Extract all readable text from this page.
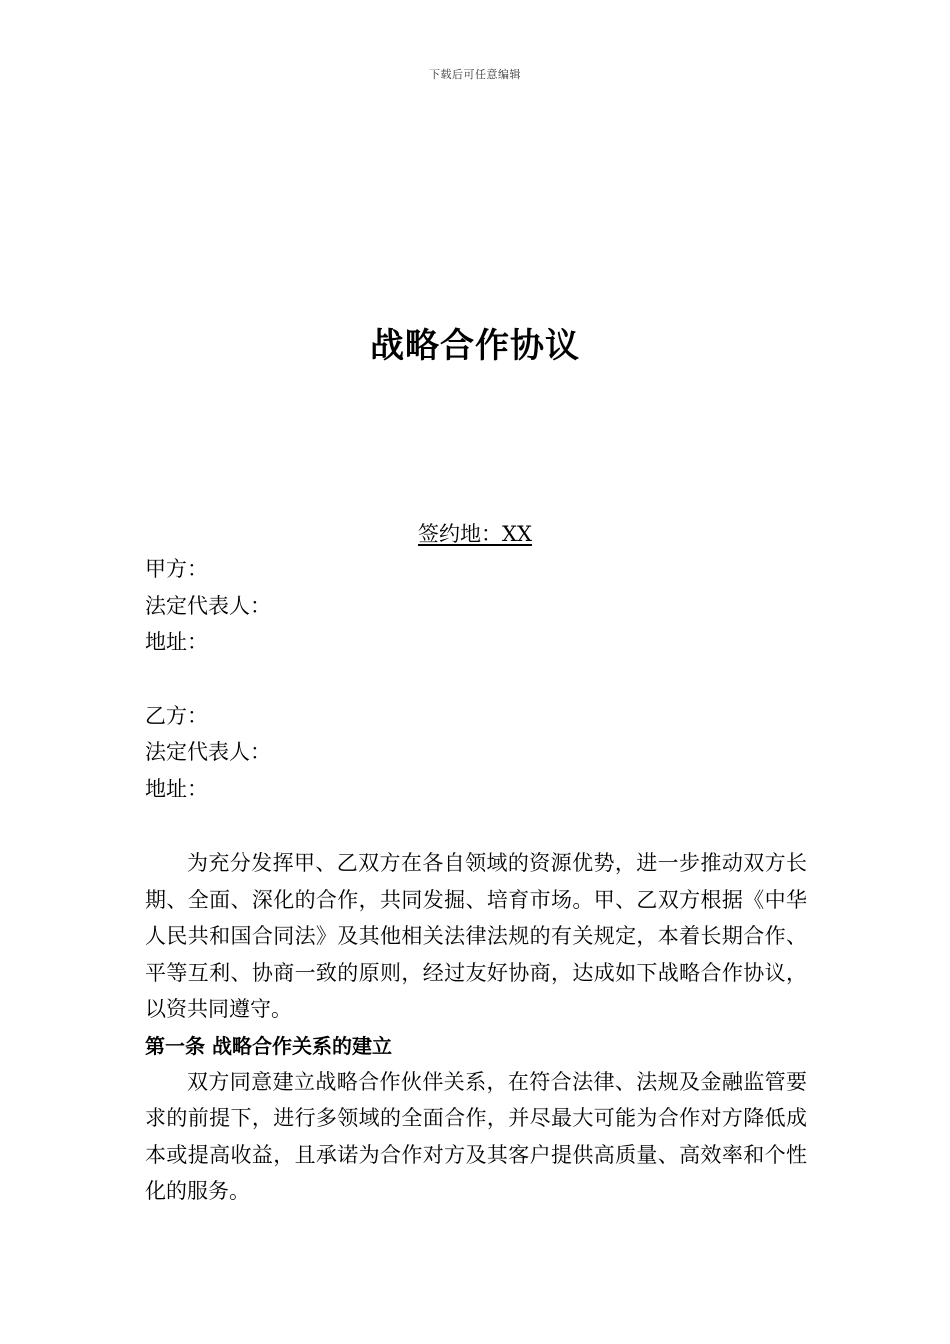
下载后可任意编辑
战略合作协议
签约地：XX
甲方：
法定代表人：
地址：
乙方：
法定代表人：
地址：

为充分发挥甲、乙双方在各自领域的资源优势，进一步推动双方长期、全面、深化的合作，共同发掘、培育市场。甲、乙双方根据《中华人民共和国合同法》及其他相关法律法规的有关规定，本着长期合作、平等互利、协商一致的原则，经过友好协商，达成如下战略合作协议，以资共同遵守。

第一条 战略合作关系的建立

双方同意建立战略合作伙伴关系，在符合法律、法规及金融监管要求的前提下，进行多领域的全面合作，并尽最大可能为合作对方降低成本或提高收益，且承诺为合作对方及其客户提供高质量、高效率和个性化的服务。
